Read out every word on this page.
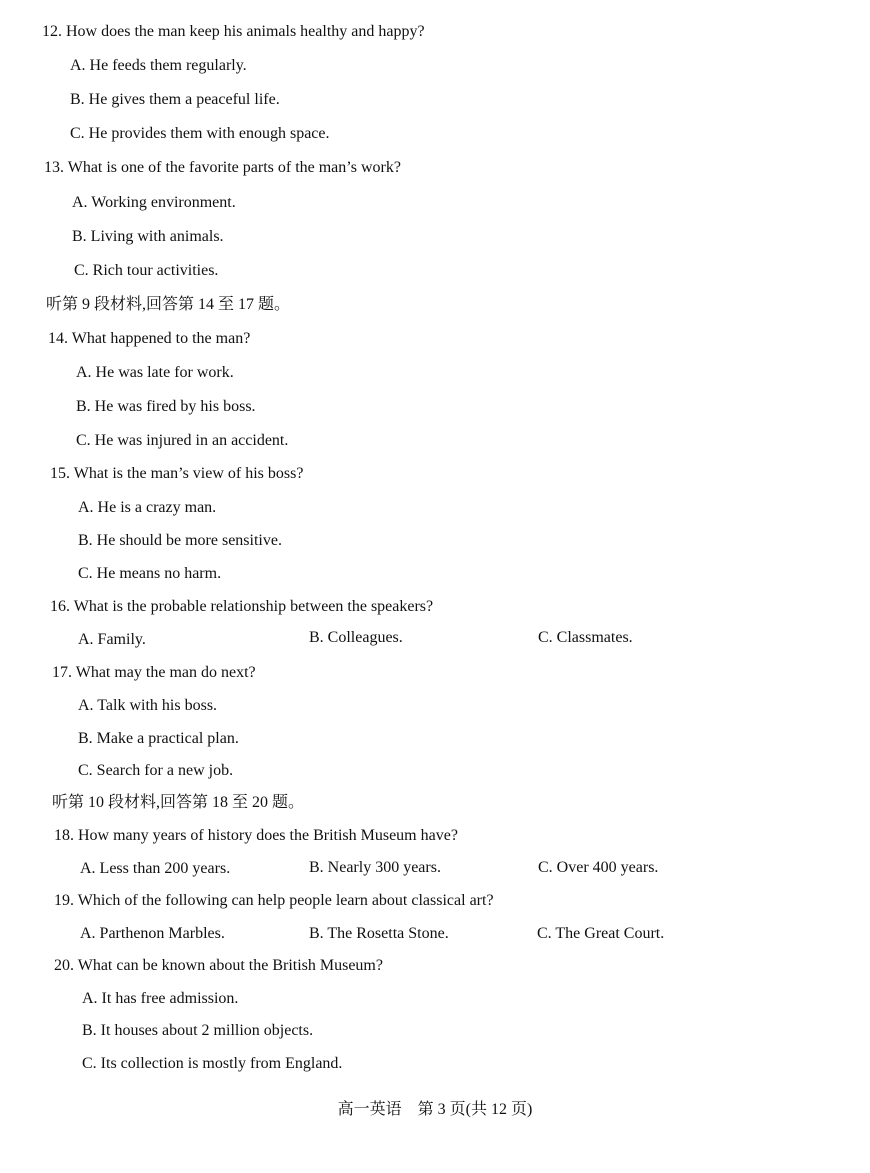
12. How does the man keep his animals healthy and happy?
A. He feeds them regularly.
B. He gives them a peaceful life.
C. He provides them with enough space.
13. What is one of the favorite parts of the man’s work?
A. Working environment.
B. Living with animals.
C. Rich tour activities.
听第 9 段材料,回答第 14 至 17 题。
14. What happened to the man?
A. He was late for work.
B. He was fired by his boss.
C. He was injured in an accident.
15. What is the man’s view of his boss?
A. He is a crazy man.
B. He should be more sensitive.
C. He means no harm.
16. What is the probable relationship between the speakers?
A. Family.	B. Colleagues.	C. Classmates.
17. What may the man do next?
A. Talk with his boss.
B. Make a practical plan.
C. Search for a new job.
听第 10 段材料,回答第 18 至 20 题。
18. How many years of history does the British Museum have?
A. Less than 200 years.	B. Nearly 300 years.	C. Over 400 years.
19. Which of the following can help people learn about classical art?
A. Parthenon Marbles.	B. The Rosetta Stone.	C. The Great Court.
20. What can be known about the British Museum?
A. It has free admission.
B. It houses about 2 million objects.
C. Its collection is mostly from England.
高一英语　第 3 页(共 12 页)
